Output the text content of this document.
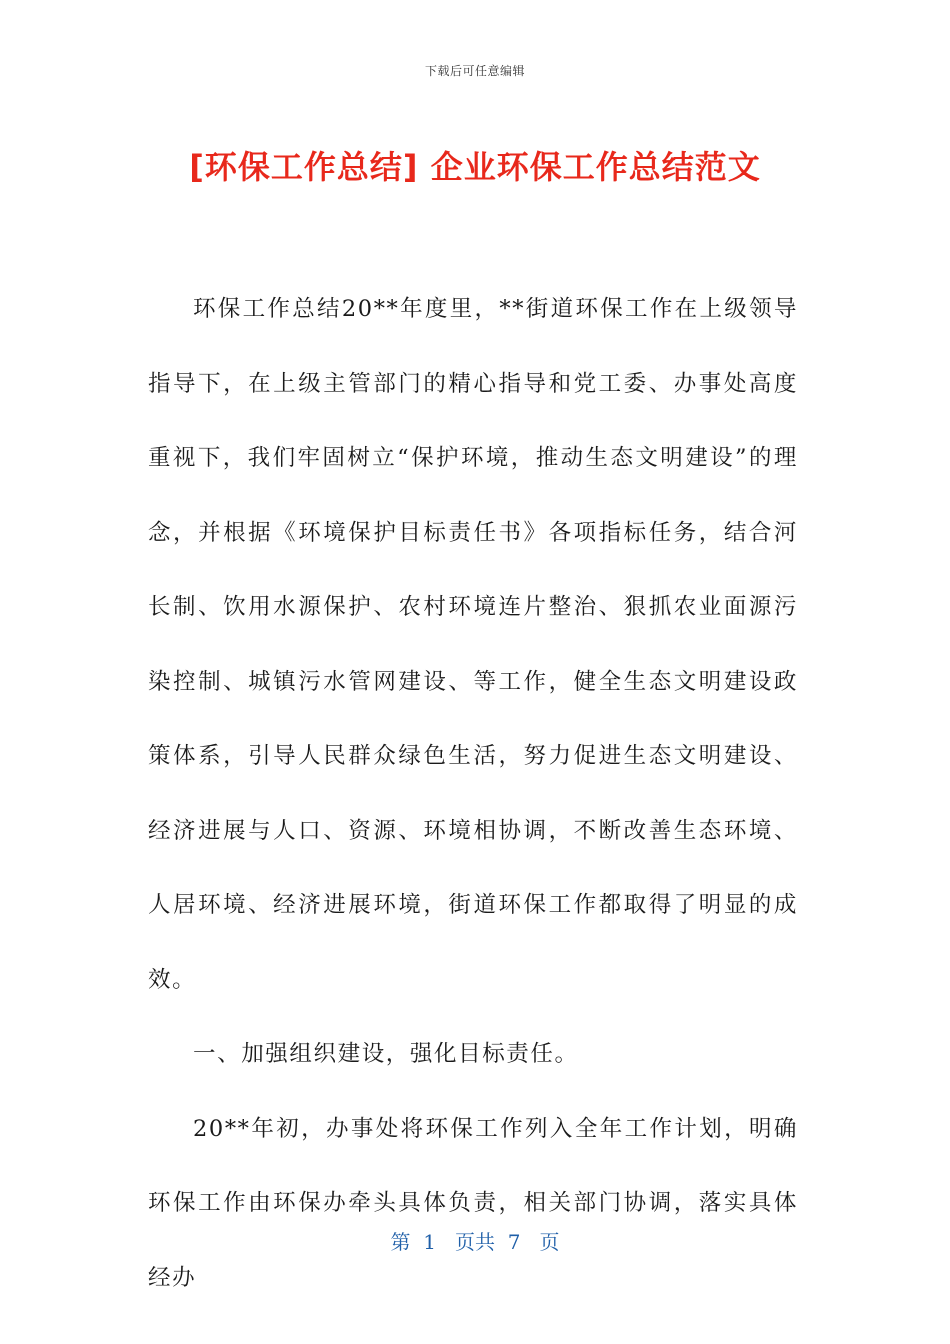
下载后可任意编辑
[环保工作总结] 企业环保工作总结范文

环保工作总结20**年度里，**街道环保工作在上级领导指导下，在上级主管部门的精心指导和党工委、办事处高度重视下，我们牢固树立“保护环境，推动生态文明建设”的理念，并根据《环境保护目标责任书》各项指标任务，结合河长制、饮用水源保护、农村环境连片整治、狠抓农业面源污染控制、城镇污水管网建设、等工作，健全生态文明建设政策体系，引导人民群众绿色生活，努力促进生态文明建设、经济进展与人口、资源、环境相协调，不断改善生态环境、人居环境、经济进展环境，街道环保工作都取得了明显的成效。

一、加强组织建设，强化目标责任。

20**年初，办事处将环保工作列入全年工作计划，明确环保工作由环保办牵头具体负责，相关部门协调，落实具体经办

第  1   页共  7   页
